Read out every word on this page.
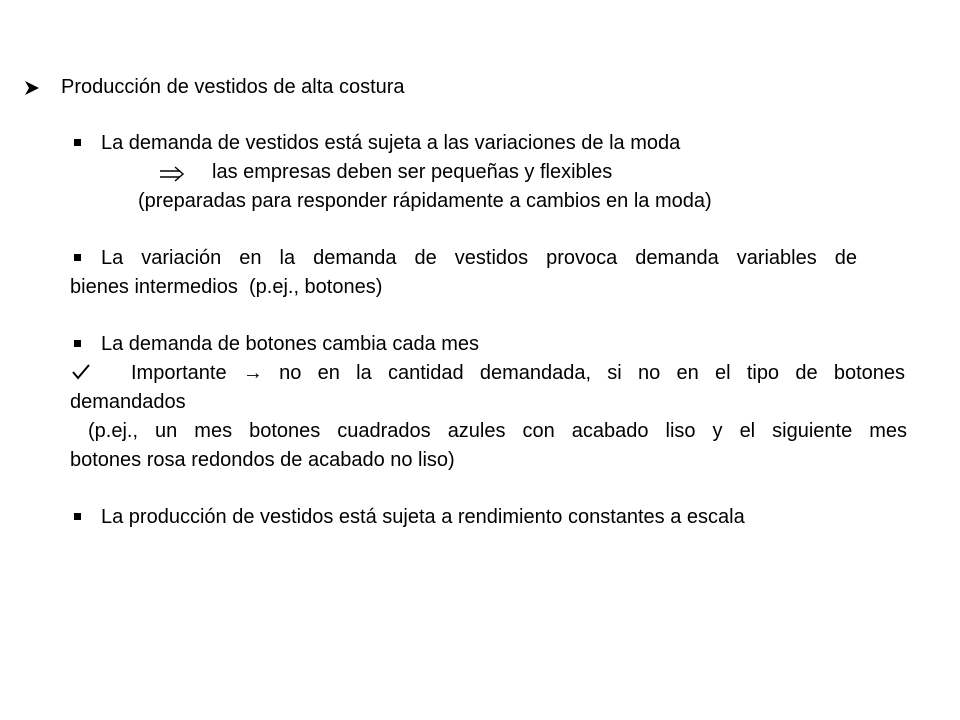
Producción de vestidos de alta costura
La demanda de vestidos está sujeta a las variaciones de la moda
las empresas deben ser pequeñas y flexibles
(preparadas para responder rápidamente a cambios en la moda)
La variación en la demanda de vestidos provoca demanda variables de
bienes intermedios  (p.ej., botones)
La demanda de botones cambia cada mes
Importante → no en la cantidad demandada, si no en el tipo de botones
demandados
(p.ej., un mes botones cuadrados azules con acabado liso y el siguiente mes
botones rosa redondos de acabado no liso)
La producción de vestidos está sujeta a rendimiento constantes a escala
